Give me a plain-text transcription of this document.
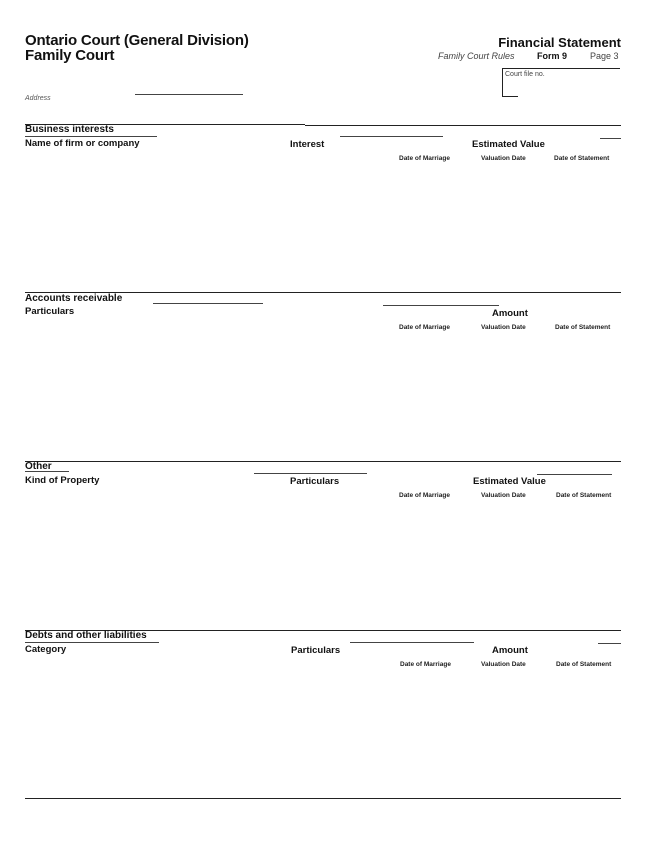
Ontario Court (General Division)
Family Court
Financial Statement
Family Court Rules Form 9	Page 3
Court file no.
Address
Business interests
Name of firm or company	Interest	Estimated Value
Date of Marriage	Valuation Date	Date of Statement
Accounts receivable
Particulars	Amount
Date of Marriage	Valuation Date	Date of Statement
Other
Kind of Property	Particulars	Estimated Value
Date of Marriage	Valuation Date	Date of Statement
Debts and other liabilities
Category	Particulars	Amount
Date of Marriage	Valuation Date	Date of Statement
